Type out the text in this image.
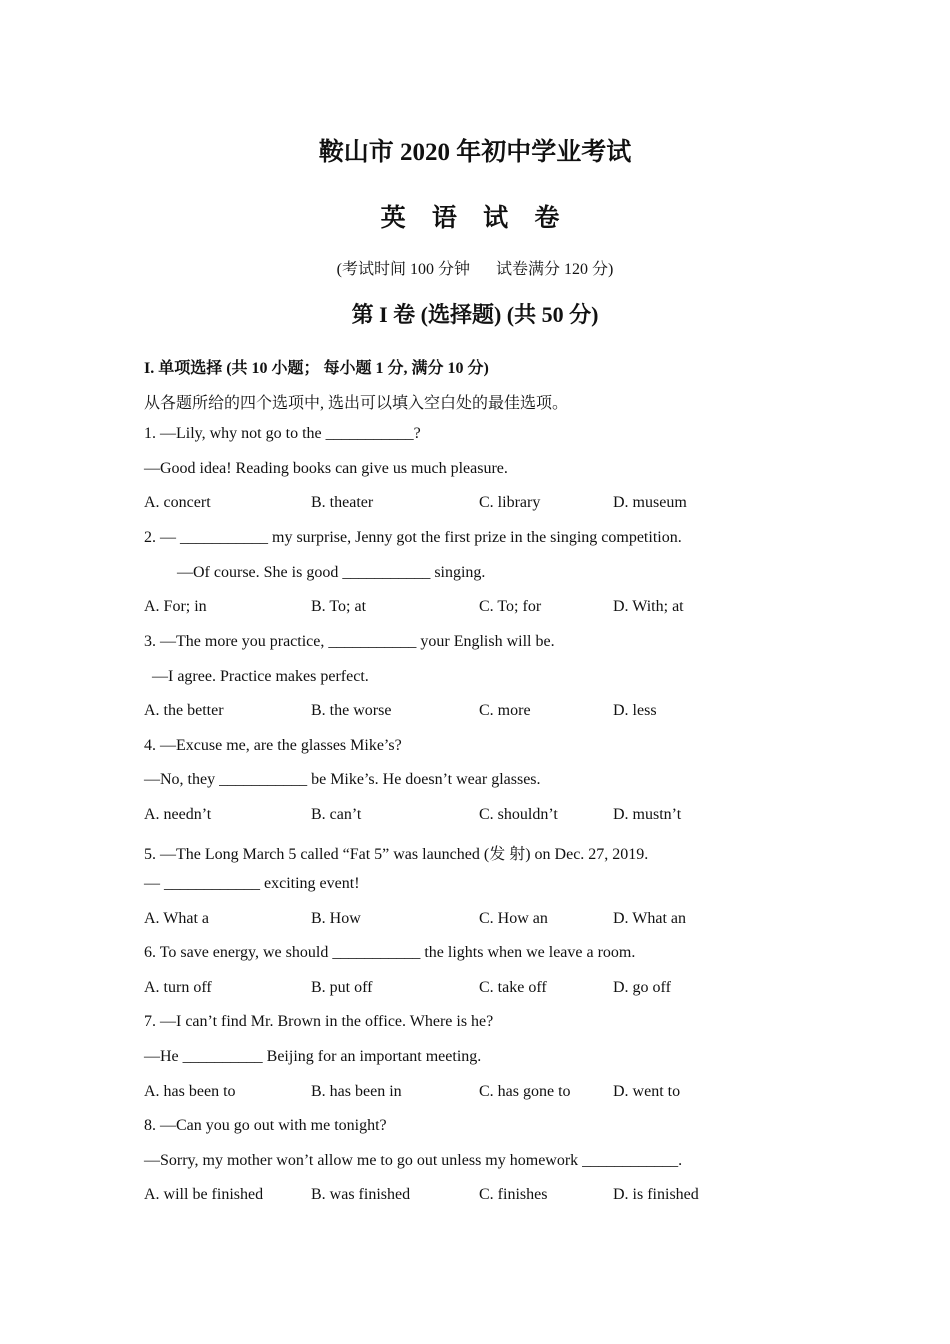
鞍山市 2020 年初中学业考试
英 语 试 卷
(考试时间 100 分钟 试卷满分 120 分)
第 I 卷 (选择题) (共 50 分)
I. 单项选择 (共 10 小题； 每小题 1 分, 满分 10 分)
从各题所给的四个选项中, 选出可以填入空白处的最佳选项。
1. —Lily, why not go to the ___________?
—Good idea! Reading books can give us much pleasure.
A. concert	B. theater	C. library	D. museum
2. — ___________ my surprise, Jenny got the first prize in the singing competition.
—Of course. She is good ___________ singing.
A. For; in	B. To; at	C. To; for	D. With; at
3. —The more you practice, ___________ your English will be.
—I agree. Practice makes perfect.
A. the better	B. the worse	C. more	D. less
4. —Excuse me, are the glasses Mike’s?
—No, they ___________ be Mike’s. He doesn’t wear glasses.
A. needn’t	B. can’t	C. shouldn’t	D. mustn’t
5. —The Long March 5 called “Fat 5” was launched (发 射) on Dec. 27, 2019.
— ____________ exciting event!
A. What a	B. How	C. How an	D. What an
6. To save energy, we should ___________ the lights when we leave a room.
A. turn off	B. put off	C. take off	D. go off
7. —I can’t find Mr. Brown in the office. Where is he?
—He __________ Beijing for an important meeting.
A. has been to	B. has been in	C. has gone to	D. went to
8. —Can you go out with me tonight?
—Sorry, my mother won’t allow me to go out unless my homework ____________.
A. will be finished	B. was finished	C. finishes	D. is finished
